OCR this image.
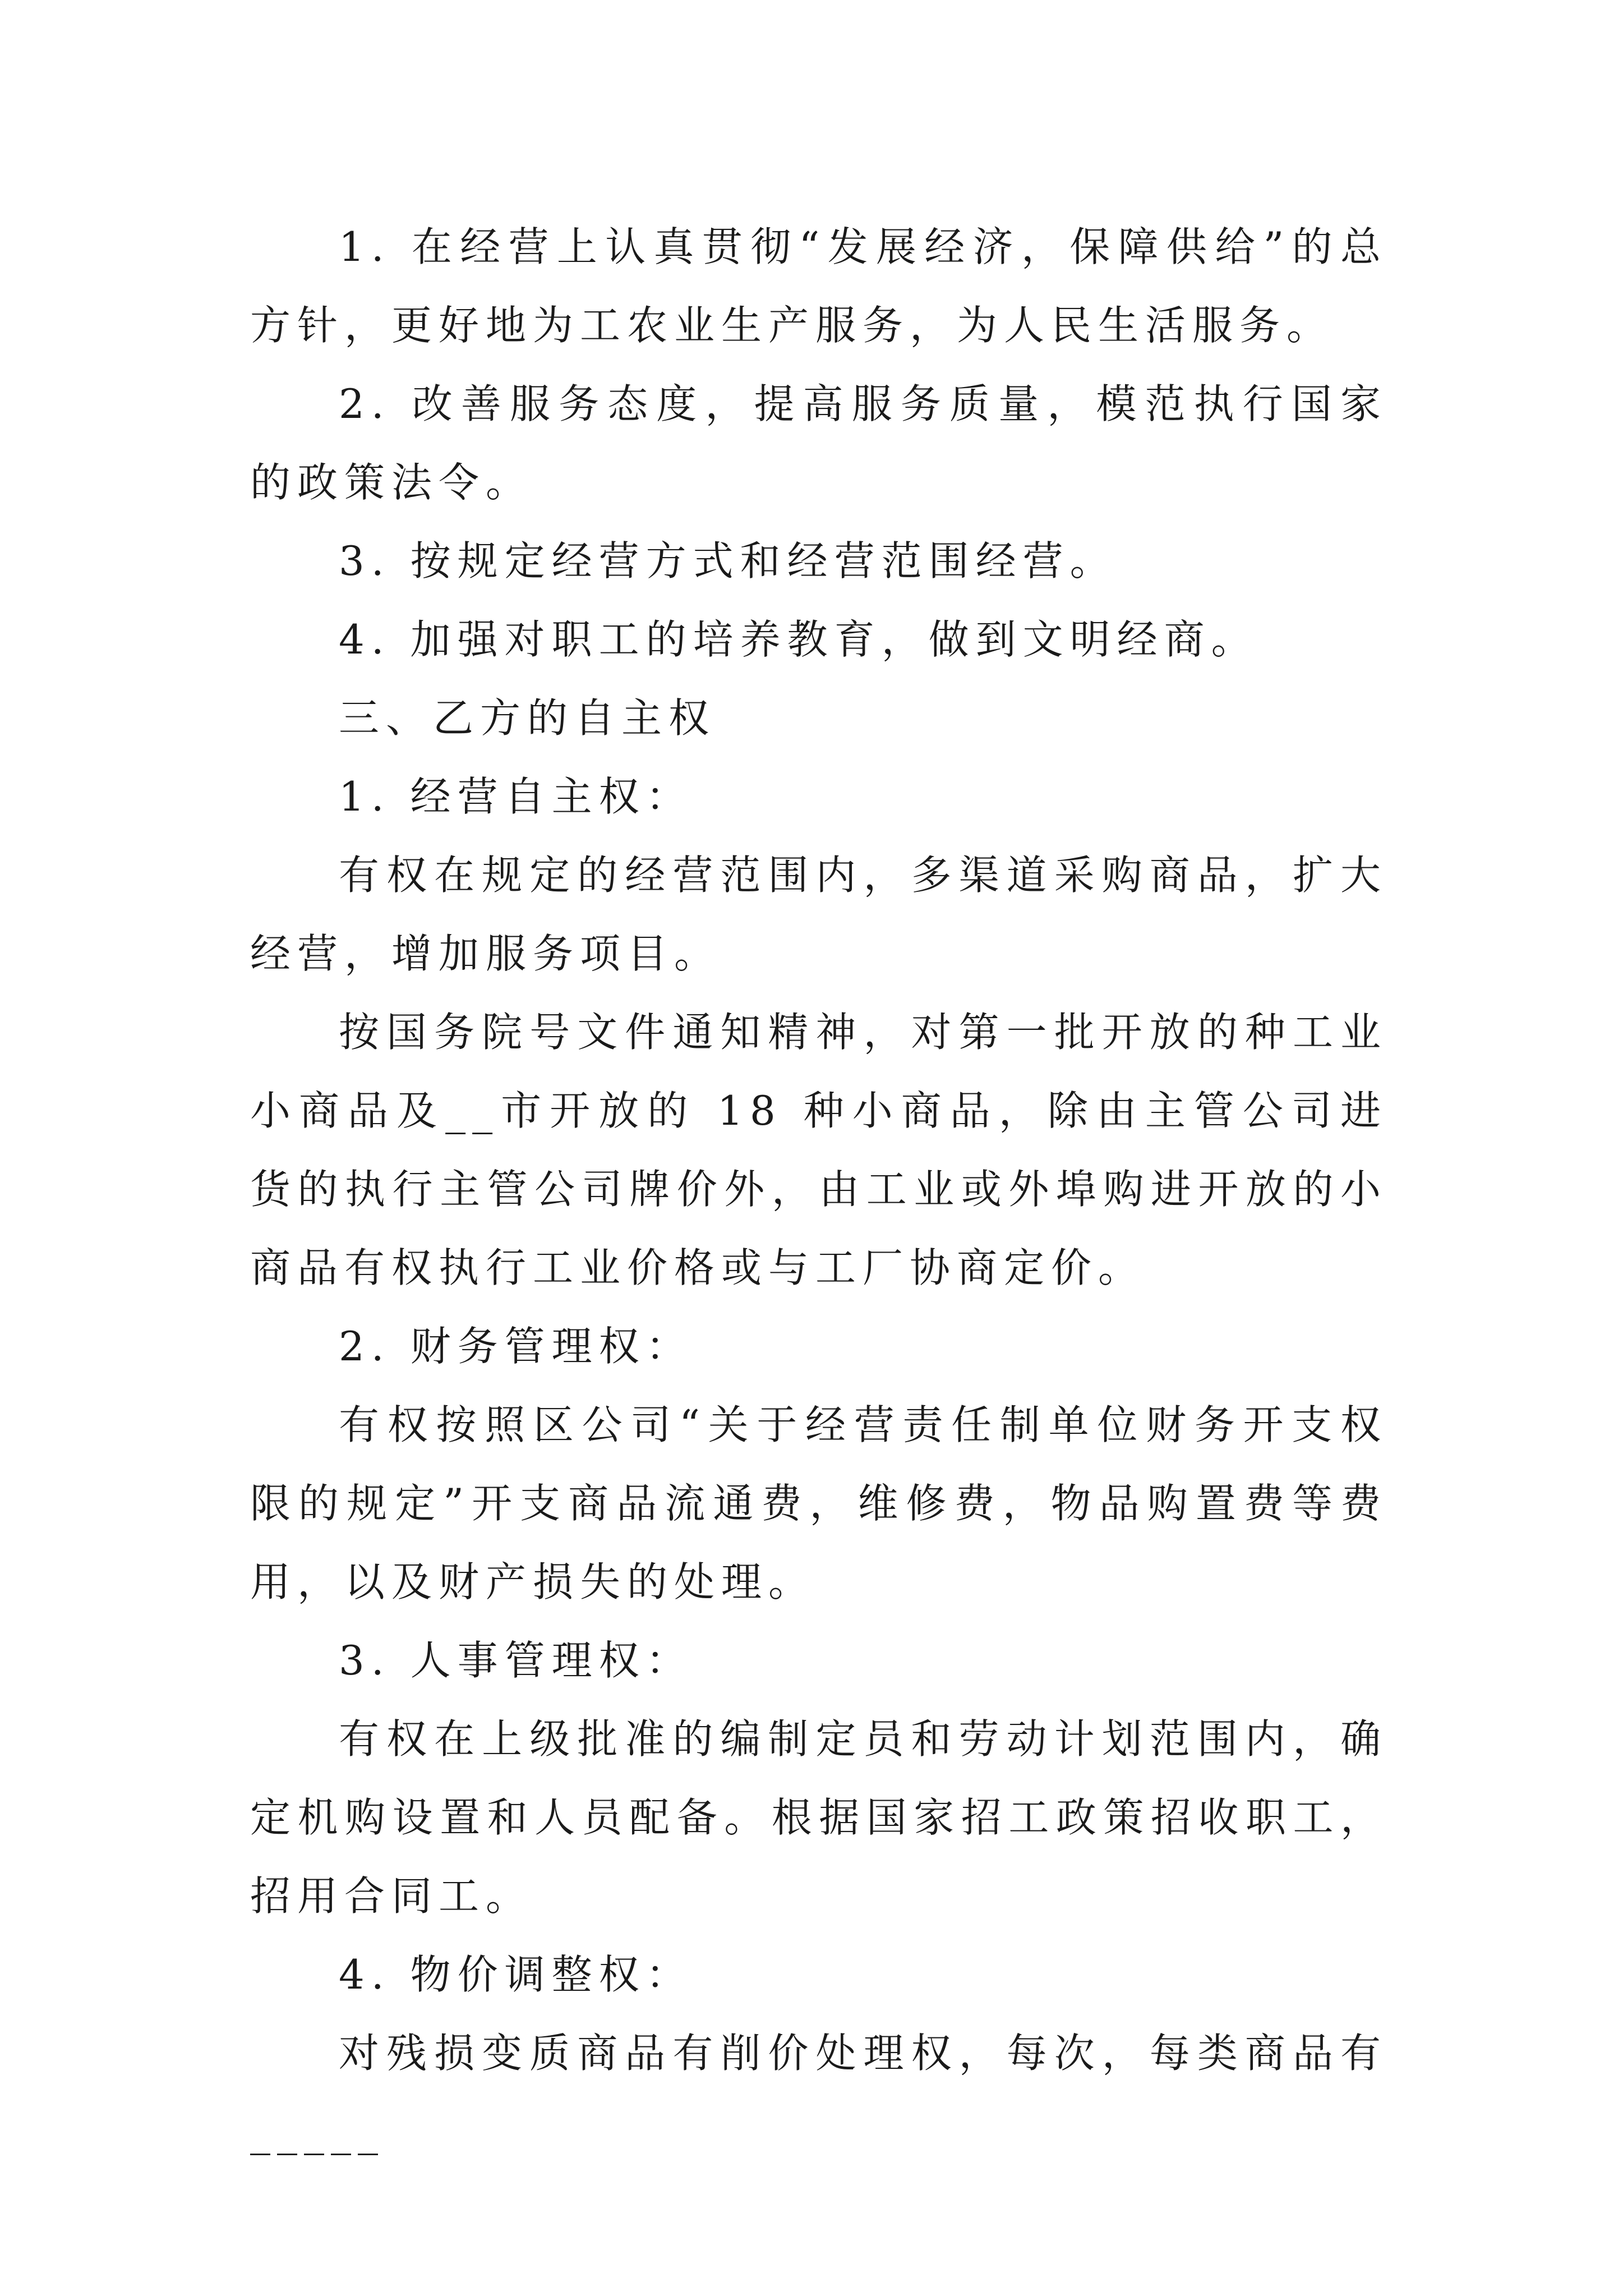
1. 在经营上认真贯彻“发展经济，保障供给”的总方针，更好地为工农业生产服务，为人民生活服务。

2. 改善服务态度，提高服务质量，模范执行国家的政策法令。

3. 按规定经营方式和经营范围经营。

4. 加强对职工的培养教育，做到文明经商。

三、乙方的自主权

1. 经营自主权：

有权在规定的经营范围内，多渠道采购商品，扩大经营，增加服务项目。

按国务院号文件通知精神，对第一批开放的种工业小商品及__市开放的 18 种小商品，除由主管公司进货的执行主管公司牌价外，由工业或外埠购进开放的小商品有权执行工业价格或与工厂协商定价。

2. 财务管理权：

有权按照区公司“关于经营责任制单位财务开支权限的规定”开支商品流通费，维修费，物品购置费等费用，以及财产损失的处理。

3. 人事管理权：

有权在上级批准的编制定员和劳动计划范围内，确定机购设置和人员配备。根据国家招工政策招收职工，招用合同工。

4. 物价调整权：

对残损变质商品有削价处理权，每次，每类商品有_____
